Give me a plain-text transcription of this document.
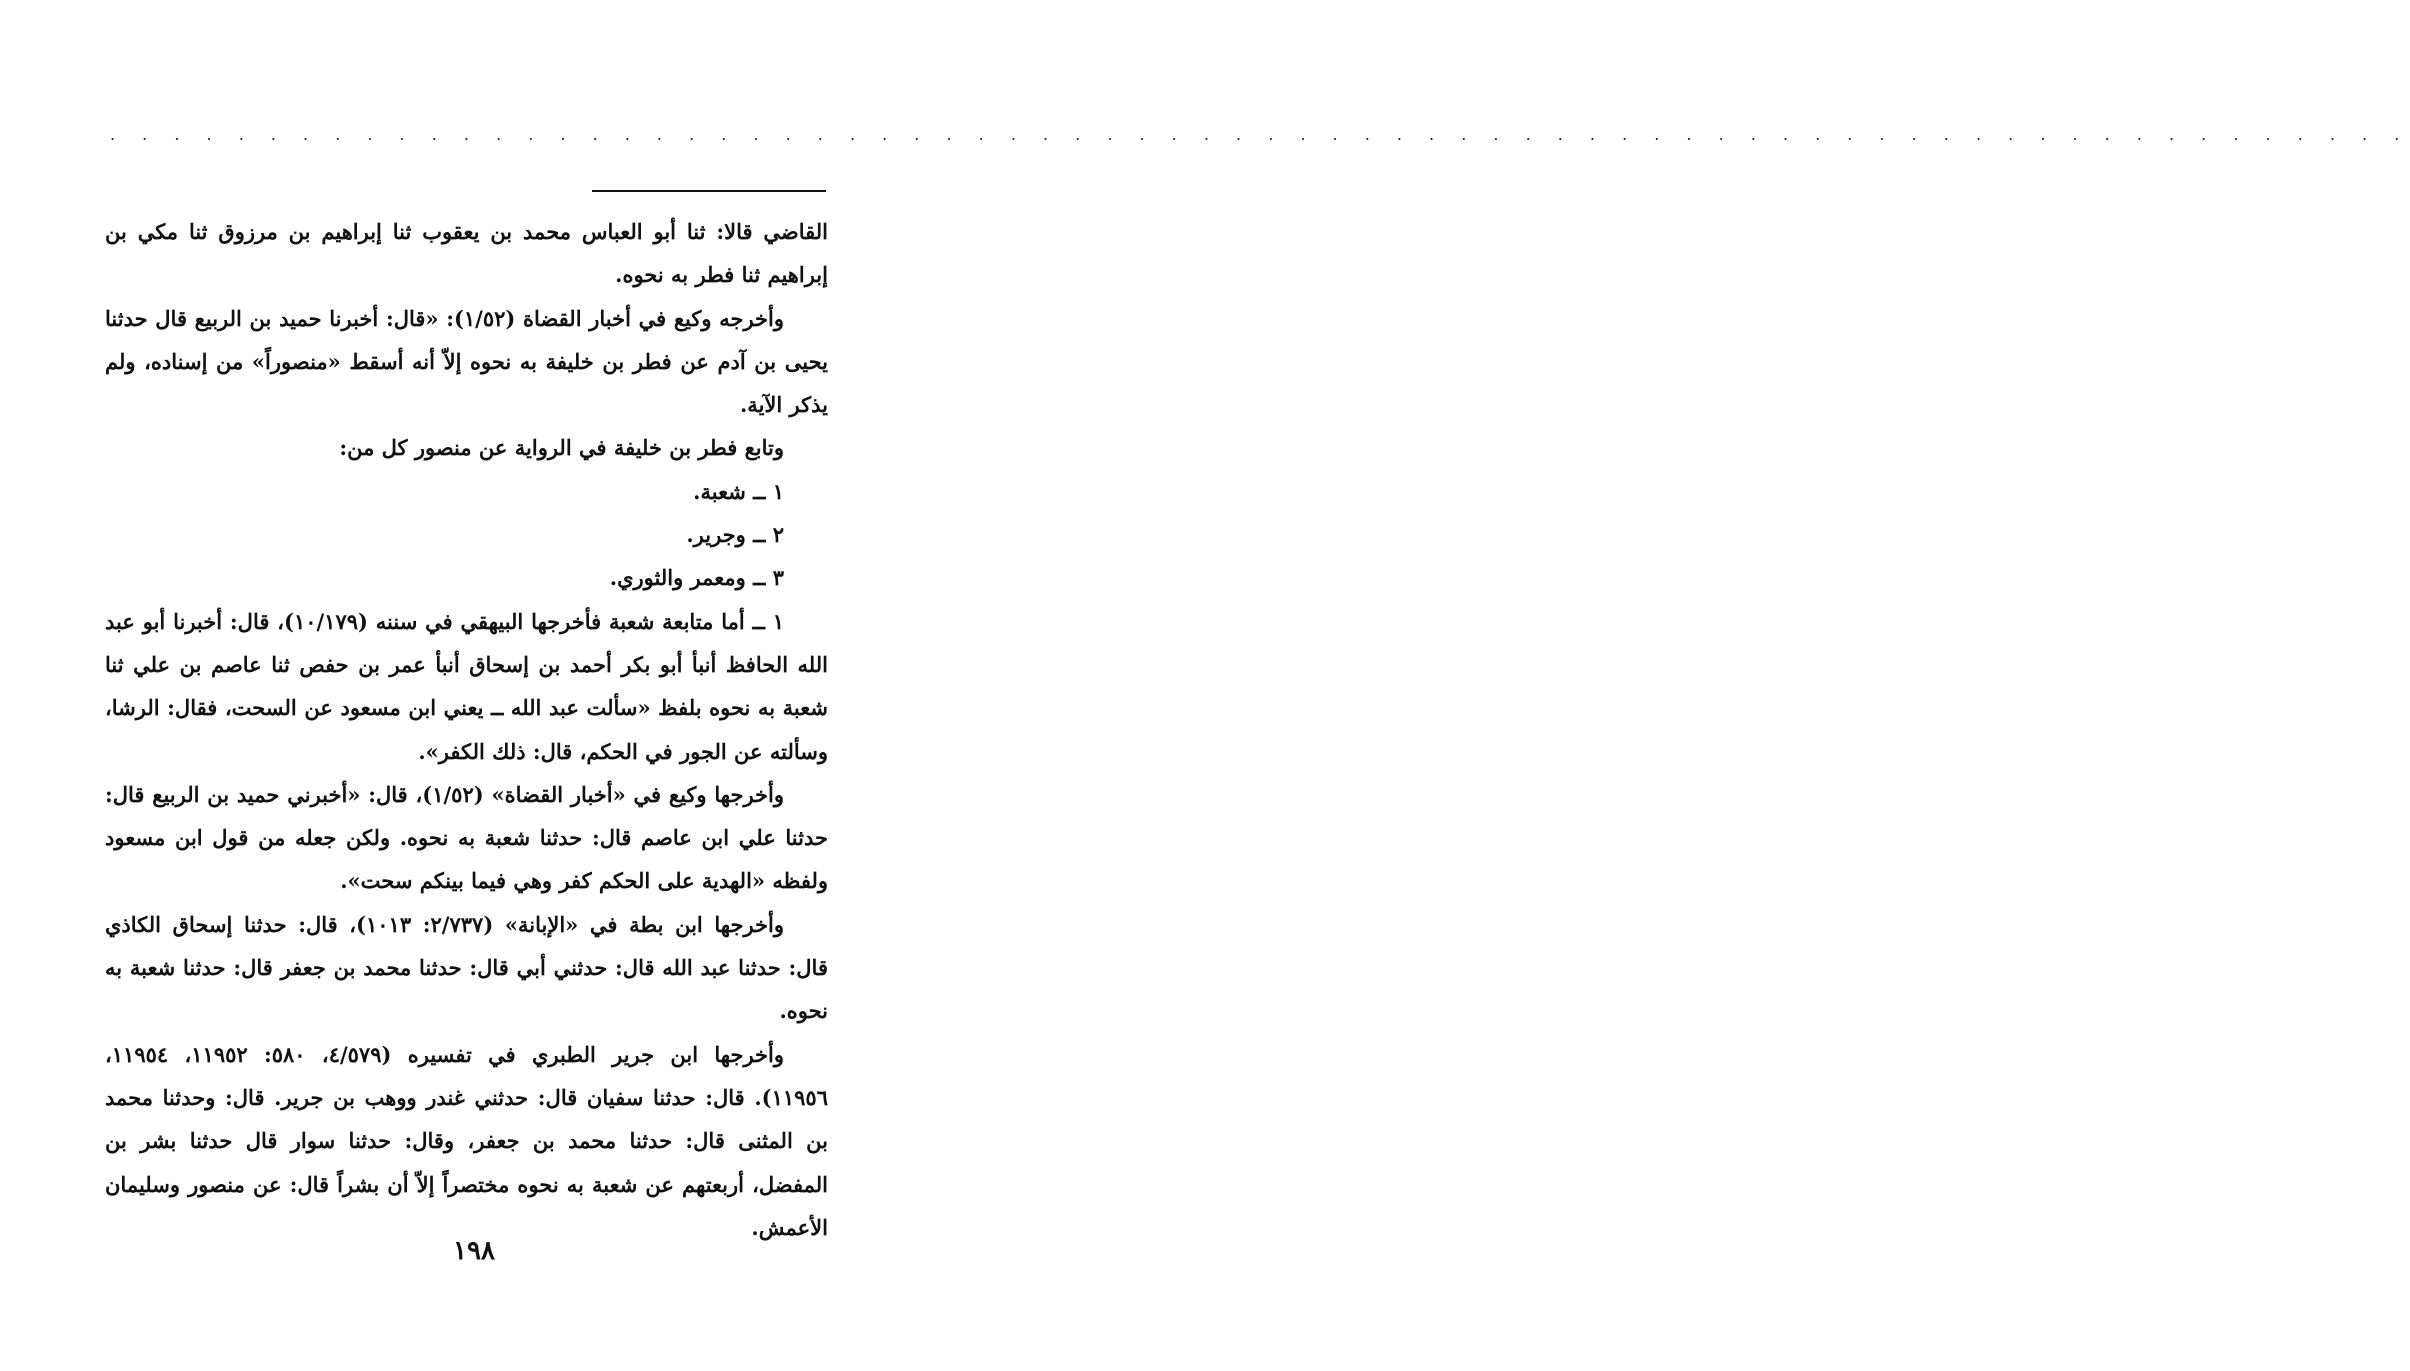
. . . . . . . . . . . . . . . . . . . . . . . . . . . . . . . . . . . . . . . . . . . . . . . . . . . . . . . . . . . . . . . . . . . . . . . .

القاضي قالا: ثنا أبو العباس محمد بن يعقوب ثنا إبراهيم بن مرزوق ثنا مكي بن إبراهيم ثنا فطر به نحوه.

وأخرجه وكيع في أخبار القضاة (١/٥٢): «قال: أخبرنا حميد بن الربيع قال حدثنا يحيى بن آدم عن فطر بن خليفة به نحوه إلاّ أنه أسقط «منصوراً» من إسناده، ولم يذكر الآية.

وتابع فطر بن خليفة في الرواية عن منصور كل من:

١ ــ شعبة.

٢ ــ وجرير.

٣ ــ ومعمر والثوري.

١ ــ أما متابعة شعبة فأخرجها البيهقي في سننه (١٠/١٧٩)، قال: أخبرنا أبو عبد الله الحافظ أنبأ أبو بكر أحمد بن إسحاق أنبأ عمر بن حفص ثنا عاصم بن علي ثنا شعبة به نحوه بلفظ «سألت عبد الله ــ يعني ابن مسعود عن السحت، فقال: الرشا، وسألته عن الجور في الحكم، قال: ذلك الكفر».

وأخرجها وكيع في «أخبار القضاة» (١/٥٢)، قال: «أخبرني حميد بن الربيع قال: حدثنا علي ابن عاصم قال: حدثنا شعبة به نحوه. ولكن جعله من قول ابن مسعود ولفظه «الهدية على الحكم كفر وهي فيما بينكم سحت».

وأخرجها ابن بطة في «الإبانة» (٢/٧٣٧: ١٠١٣)، قال: حدثنا إسحاق الكاذي قال: حدثنا عبد الله قال: حدثني أبي قال: حدثنا محمد بن جعفر قال: حدثنا شعبة به نحوه.

وأخرجها ابن جرير الطبري في تفسيره (٤/٥٧٩، ٥٨٠: ١١٩٥٢، ١١٩٥٤، ١١٩٥٦). قال: حدثنا سفيان قال: حدثني غندر ووهب بن جرير. قال: وحدثنا محمد بن المثنى قال: حدثنا محمد بن جعفر، وقال: حدثنا سوار قال حدثنا بشر بن المفضل، أربعتهم عن شعبة به نحوه مختصراً إلاّ أن بشراً قال: عن منصور وسليمان الأعمش.

١٩٨
